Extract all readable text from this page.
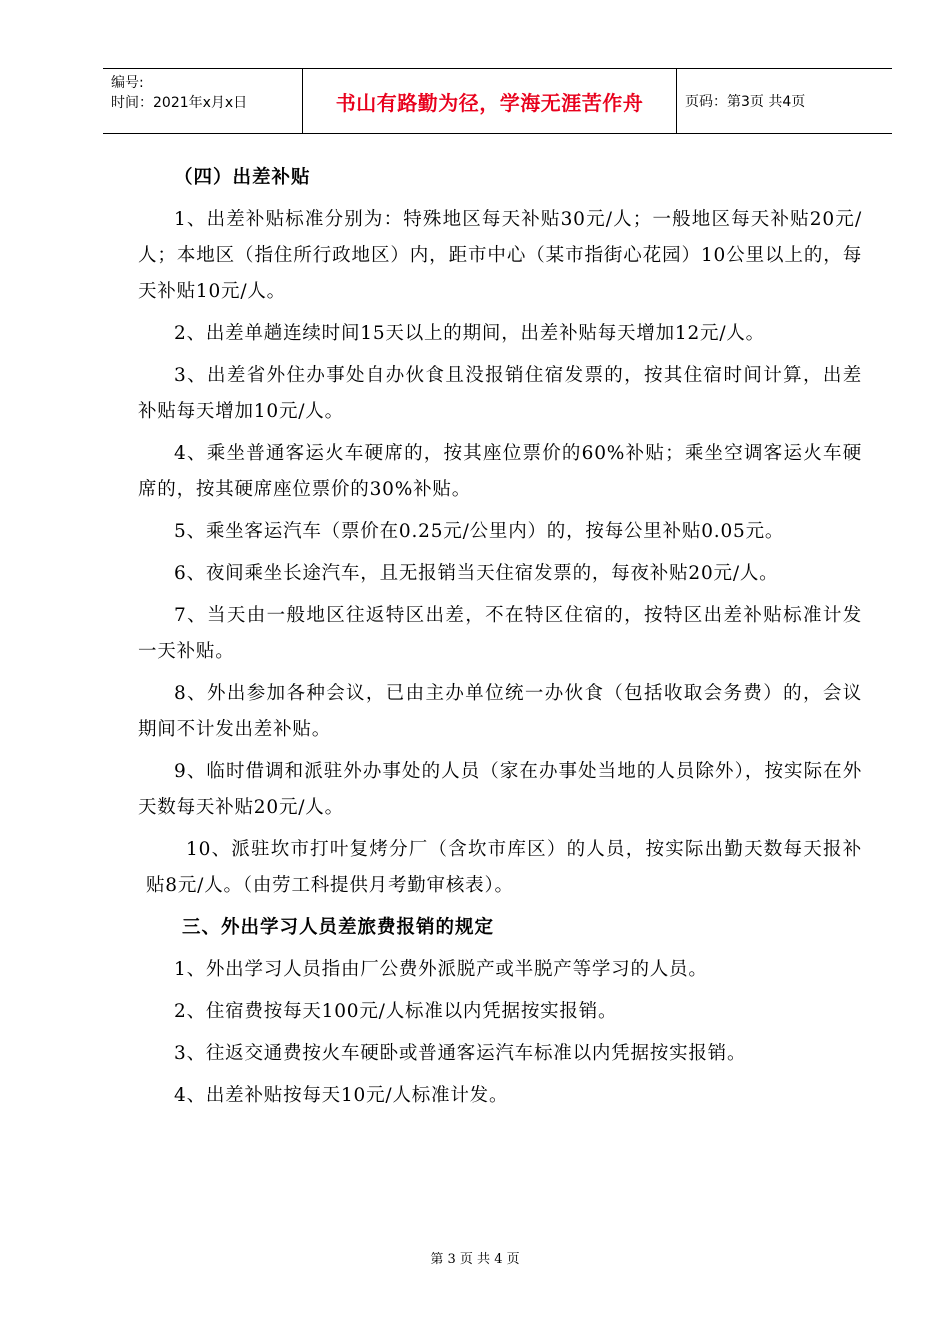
编号:
时间：2021年x月x日	书山有路勤为径，学海无涯苦作舟	页码：第3页 共4页
（四）出差补贴

1、出差补贴标准分别为：特殊地区每天补贴30元/人；一般地区每天补贴20元/人；本地区（指住所行政地区）内，距市中心（某市指街心花园）10公里以上的，每天补贴10元/人。

2、出差单趟连续时间15天以上的期间，出差补贴每天增加12元/人。

3、出差省外住办事处自办伙食且没报销住宿发票的，按其住宿时间计算，出差补贴每天增加10元/人。

4、乘坐普通客运火车硬席的，按其座位票价的60%补贴；乘坐空调客运火车硬席的，按其硬席座位票价的30%补贴。

5、乘坐客运汽车（票价在0.25元/公里内）的，按每公里补贴0.05元。

6、夜间乘坐长途汽车，且无报销当天住宿发票的，每夜补贴20元/人。

7、当天由一般地区往返特区出差，不在特区住宿的，按特区出差补贴标准计发一天补贴。

8、外出参加各种会议，已由主办单位统一办伙食（包括收取会务费）的，会议期间不计发出差补贴。

9、临时借调和派驻外办事处的人员（家在办事处当地的人员除外），按实际在外天数每天补贴20元/人。

10、派驻坎市打叶复烤分厂（含坎市库区）的人员，按实际出勤天数每天报补贴8元/人。（由劳工科提供月考勤审核表）。

三、外出学习人员差旅费报销的规定

1、外出学习人员指由厂公费外派脱产或半脱产等学习的人员。

2、住宿费按每天100元/人标准以内凭据按实报销。

3、往返交通费按火车硬卧或普通客运汽车标准以内凭据按实报销。

4、出差补贴按每天10元/人标准计发。

第 3 页 共 4 页
